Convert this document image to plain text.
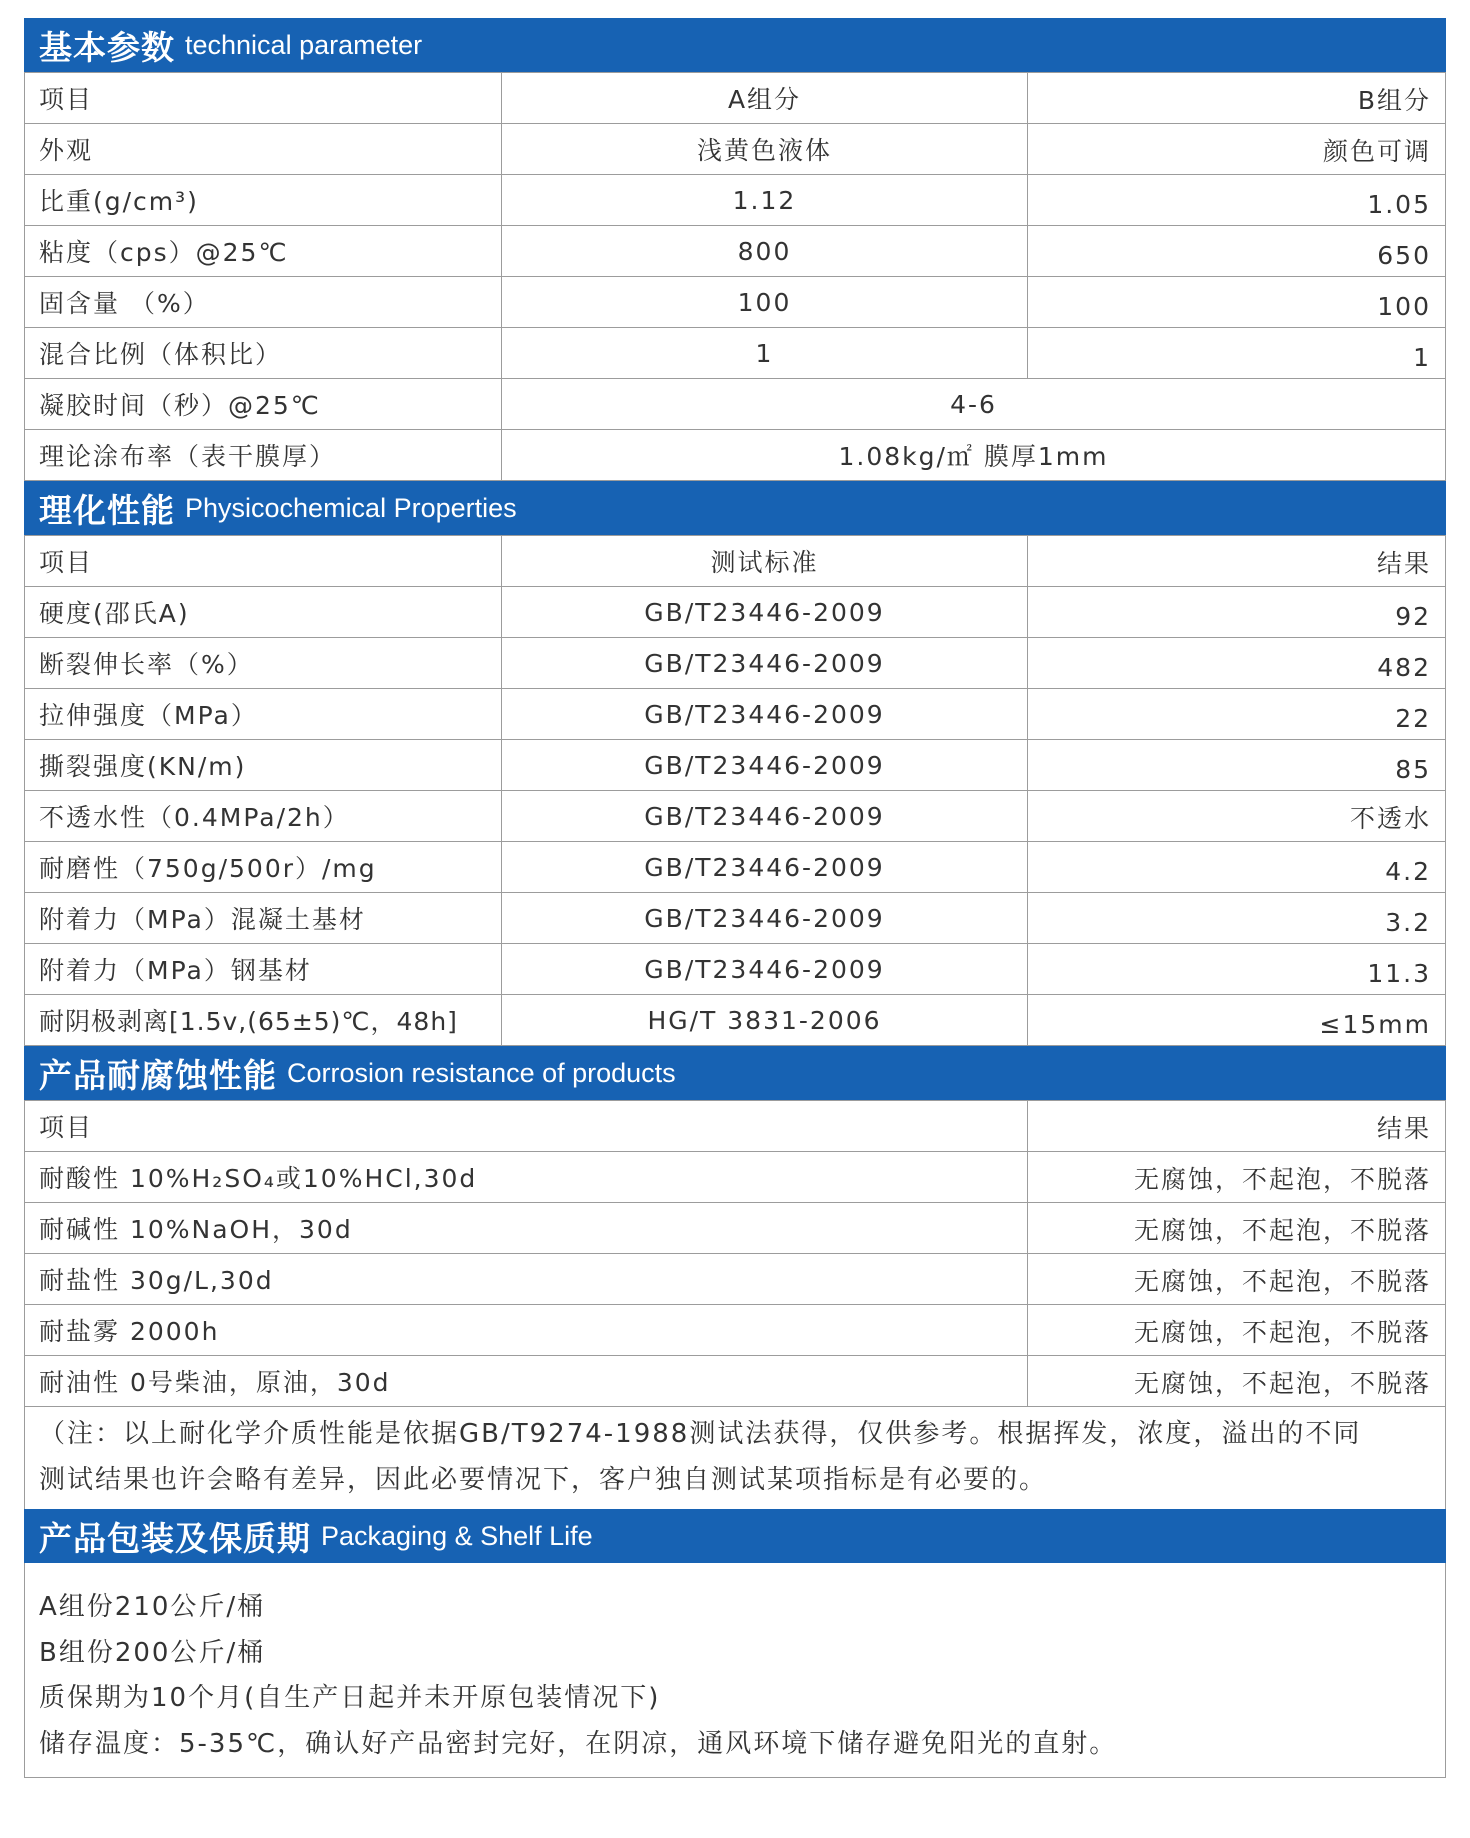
基本参数 technical parameter
项目	A组分	B组分
外观	浅黄色液体	颜色可调
比重(g/cm³)	1.12	1.05
粘度（cps）@25℃	800	650
固含量 （%）	100	100
混合比例（体积比）	1	1
凝胶时间（秒）@25℃	4-6	
理论涂布率（表干膜厚）	1.08kg/㎡ 膜厚1mm	
理化性能 Physicochemical Properties
项目	测试标准	结果
硬度(邵氏A)	GB/T23446-2009	92
断裂伸长率（%）	GB/T23446-2009	482
拉伸强度（MPa）	GB/T23446-2009	22
撕裂强度(KN/m)	GB/T23446-2009	85
不透水性（0.4MPa/2h）	GB/T23446-2009	不透水
耐磨性（750g/500r）/mg	GB/T23446-2009	4.2
附着力（MPa）混凝土基材	GB/T23446-2009	3.2
附着力（MPa）钢基材	GB/T23446-2009	11.3
耐阴极剥离[1.5v,(65±5)℃，48h]	HG/T 3831-2006	≤15mm
产品耐腐蚀性能 Corrosion resistance of products
项目	结果
耐酸性 10%H₂SO₄或10%HCl,30d	无腐蚀，不起泡，不脱落
耐碱性 10%NaOH，30d	无腐蚀，不起泡，不脱落
耐盐性 30g/L,30d	无腐蚀，不起泡，不脱落
耐盐雾 2000h	无腐蚀，不起泡，不脱落
耐油性 0号柴油，原油，30d	无腐蚀，不起泡，不脱落
（注：以上耐化学介质性能是依据GB/T9274-1988测试法获得，仅供参考。根据挥发，浓度，溢出的不同
测试结果也许会略有差异，因此必要情况下，客户独自测试某项指标是有必要的。
产品包装及保质期 Packaging & Shelf Life
A组份210公斤/桶
B组份200公斤/桶
质保期为10个月(自生产日起并未开原包装情况下)
储存温度：5-35℃，确认好产品密封完好，在阴凉，通风环境下储存避免阳光的直射。
